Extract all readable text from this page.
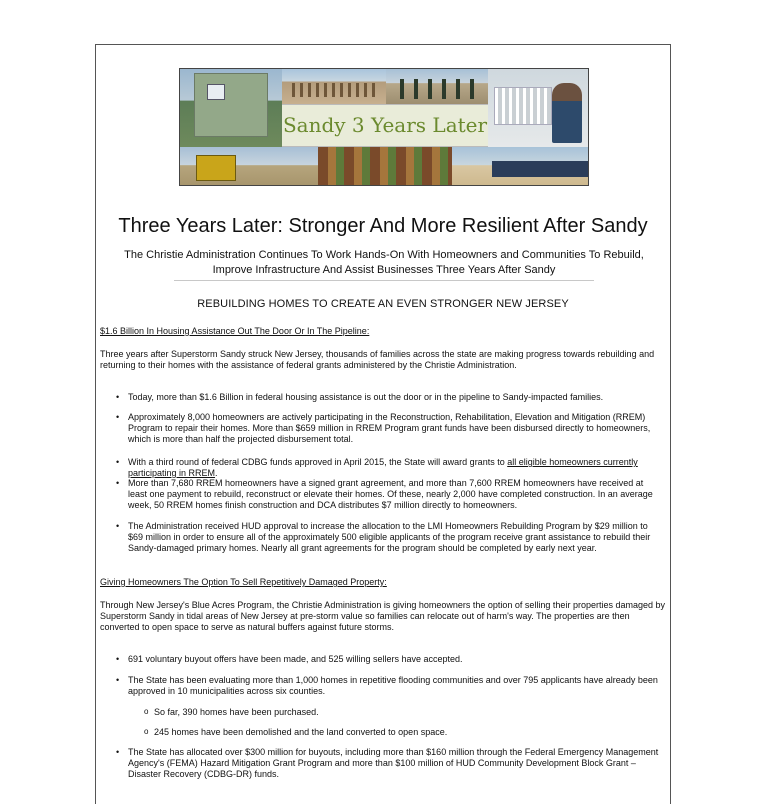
Sandy 3 Years Later
Three Years Later: Stronger And More Resilient After Sandy
The Christie Administration Continues To Work Hands-On With Homeowners and Communities To Rebuild, Improve Infrastructure And Assist Businesses Three Years After Sandy
REBUILDING HOMES TO CREATE AN EVEN STRONGER NEW JERSEY
$1.6 Billion In Housing Assistance Out The Door Or In The Pipeline:
Three years after Superstorm Sandy struck New Jersey, thousands of families across the state are making progress towards rebuilding and returning to their homes with the assistance of federal grants administered by the Christie Administration.
• Today, more than $1.6 Billion in federal housing assistance is out the door or in the pipeline to Sandy-impacted families.
• Approximately 8,000 homeowners are actively participating in the Reconstruction, Rehabilitation, Elevation and Mitigation (RREM) Program to repair their homes. More than $659 million in RREM Program grant funds have been disbursed directly to homeowners, which is more than half the projected disbursement total.
• With a third round of federal CDBG funds approved in April 2015, the State will award grants to all eligible homeowners currently participating in RREM.
• More than 7,680 RREM homeowners have a signed grant agreement, and more than 7,600 RREM homeowners have received at least one payment to rebuild, reconstruct or elevate their homes. Of these, nearly 2,000 have completed construction. In an average week, 50 RREM homes finish construction and DCA distributes $7 million directly to homeowners.
• The Administration received HUD approval to increase the allocation to the LMI Homeowners Rebuilding Program by $29 million to $69 million in order to ensure all of the approximately 500 eligible applicants of the program receive grant assistance to rebuild their Sandy-damaged primary homes. Nearly all grant agreements for the program should be completed by early next year.
Giving Homeowners The Option To Sell Repetitively Damaged Property:
Through New Jersey's Blue Acres Program, the Christie Administration is giving homeowners the option of selling their properties damaged by Superstorm Sandy in tidal areas of New Jersey at pre-storm value so families can relocate out of harm's way. The properties are then converted to open space to serve as natural buffers against future storms.
• 691 voluntary buyout offers have been made, and 525 willing sellers have accepted.
• The State has been evaluating more than 1,000 homes in repetitive flooding communities and over 795 applicants have already been approved in 10 municipalities across six counties.
o So far, 390 homes have been purchased.
o 245 homes have been demolished and the land converted to open space.
• The State has allocated over $300 million for buyouts, including more than $160 million through the Federal Emergency Management Agency's (FEMA) Hazard Mitigation Grant Program and more than $100 million of HUD Community Development Block Grant – Disaster Recovery (CDBG-DR) funds.
